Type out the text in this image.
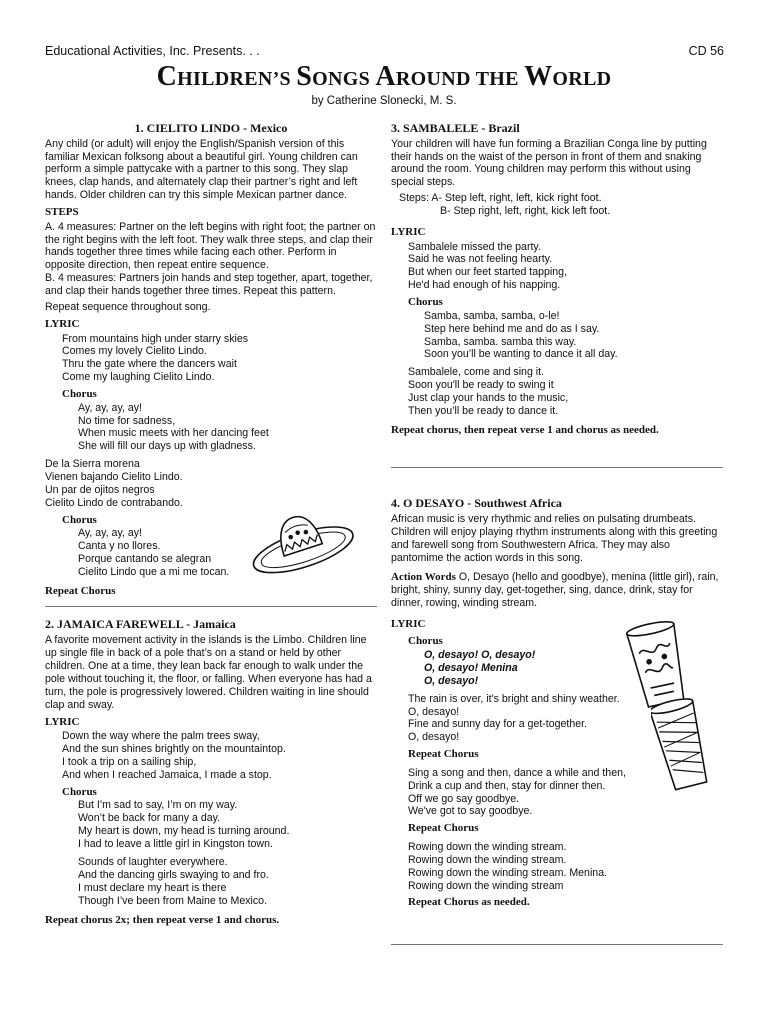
Educational Activities, Inc. Presents. . .	CD 56
CHILDREN’S SONGS AROUND THE WORLD
by Catherine Slonecki, M. S.
1. CIELITO LINDO - Mexico

Any child (or adult) will enjoy the English/Spanish version of this familiar Mexican folksong about a beautiful girl. Young children can perform a simple pattycake with a partner to this song. They slap knees, clap hands, and alternately clap their partner’s right and left hands. Older children can try this simple Mexican partner dance.

STEPS

A. 4 measures: Partner on the left begins with right foot; the partner on the right begins with the left foot. They walk three steps, and clap their hands together three times while facing each other. Perform in opposite direction, then repeat entire sequence.

B. 4 measures: Partners join hands and step together, apart, together, and clap their hands together three times. Repeat this pattern.

Repeat sequence throughout song.

LYRIC
From mountains high under starry skies
Comes my lovely Cielito Lindo.
Thru the gate where the dancers wait
Come my laughing Cielito Lindo.
Chorus
Ay, ay, ay, ay!
No time for sadness,
When music meets with her dancing feet
She will fill our days up with gladness.
De la Sierra morena
Vienen bajando Cielito Lindo.
Un par de ojitos negros
Cielito Lindo de contrabando.
Chorus
Ay, ay, ay, ay!
Canta y no llores.
Porque cantando se alegran
Cielito Lindo que a mi me tocan.
Repeat Chorus
2. JAMAICA FAREWELL - Jamaica

A favorite movement activity in the islands is the Limbo. Children line up single file in back of a pole that’s on a stand or held by other children. One at a time, they lean back far enough to walk under the pole without touching it, the floor, or falling. When everyone has had a turn, the pole is progressively lowered. Children waiting in line should clap and sway.

LYRIC
Down the way where the palm trees sway,
And the sun shines brightly on the mountaintop.
I took a trip on a sailing ship,
And when I reached Jamaica, I made a stop.
Chorus
But I’m sad to say, I’m on my way.
Won’t be back for many a day.
My heart is down, my head is turning around.
I had to leave a little girl in Kingston town.
Sounds of laughter everywhere.
And the dancing girls swaying to and fro.
I must declare my heart is there
Though I’ve been from Maine to Mexico.
Repeat chorus 2x; then repeat verse 1 and chorus.
3. SAMBALELE - Brazil

Your children will have fun forming a Brazilian Conga line by putting their hands on the waist of the person in front of them and snaking around the room. Young children may perform this without using special steps.

Steps: A- Step left, right, left, kick right foot.
B- Step right, left, right, kick left foot.
LYRIC
Sambalele missed the party.
Said he was not feeling hearty.
But when our feet started tapping,
He'd had enough of his napping.
Chorus
Samba, samba, samba, o-le!
Step here behind me and do as I say.
Samba, samba. samba this way.
Soon you’ll be wanting to dance it all day.
Sambalele, come and sing it.
Soon you'll be ready to swing it
Just clap your hands to the music,
Then you’ll be ready to dance it.
Repeat chorus, then repeat verse 1 and chorus as needed.
4. O DESAYO - Southwest Africa

African music is very rhythmic and relies on pulsating drumbeats. Children will enjoy playing rhythm instruments along with this greeting and farewell song from Southwestern Africa. They may also pantomime the action words in this song.

Action Words O, Desayo (hello and goodbye), menina (little girl), rain, bright, shiny, sunny day, get-together, sing, dance, drink, stay for dinner, rowing, winding stream.

LYRIC
Chorus
O, desayo! O, desayo!
O, desayo! Menina
O, desayo!
The rain is over, it's bright and shiny weather.
O, desayo!
Fine and sunny day for a get-together.
O, desayo!
Repeat Chorus
Sing a song and then, dance a while and then,
Drink a cup and then, stay for dinner then.
Off we go say goodbye.
We've got to say goodbye.
Repeat Chorus
Rowing down the winding stream.
Rowing down the winding stream.
Rowing down the winding stream. Menina.
Rowing down the winding stream
Repeat Chorus as needed.
